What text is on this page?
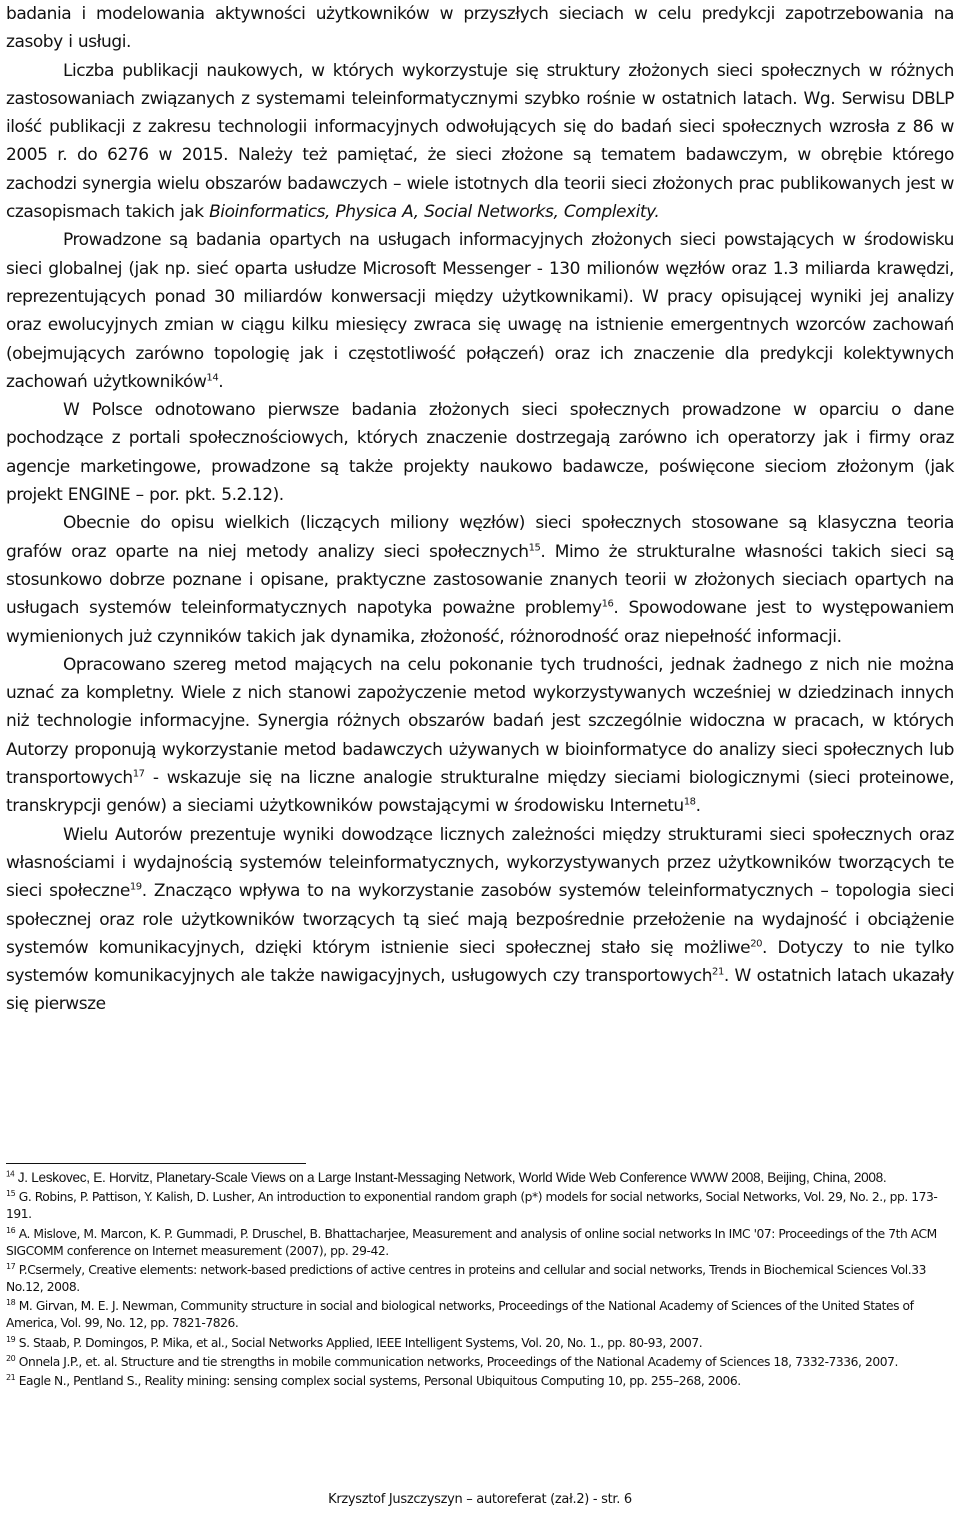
badania i modelowania aktywności użytkowników w przyszłych sieciach w celu predykcji zapotrzebowania na zasoby i usługi.

Liczba publikacji naukowych, w których wykorzystuje się struktury złożonych sieci społecznych w różnych zastosowaniach związanych z systemami teleinformatycznymi szybko rośnie w ostatnich latach. Wg. Serwisu DBLP ilość publikacji z zakresu technologii informacyjnych odwołujących się do badań sieci społecznych wzrosła z 86 w 2005 r. do 6276 w 2015. Należy też pamiętać, że sieci złożone są tematem badawczym, w obrębie którego zachodzi synergia wielu obszarów badawczych – wiele istotnych dla teorii sieci złożonych prac publikowanych jest w czasopismach takich jak Bioinformatics, Physica A, Social Networks, Complexity.

Prowadzone są badania opartych na usługach informacyjnych złożonych sieci powstających w środowisku sieci globalnej (jak np. sieć oparta usłudze Microsoft Messenger - 130 milionów węzłów oraz 1.3 miliarda krawędzi, reprezentujących ponad 30 miliardów konwersacji między użytkownikami). W pracy opisującej wyniki jej analizy oraz ewolucyjnych zmian w ciągu kilku miesięcy zwraca się uwagę na istnienie emergentnych wzorców zachowań (obejmujących zarówno topologię jak i częstotliwość połączeń) oraz ich znaczenie dla predykcji kolektywnych zachowań użytkowników$^{14}$.

W Polsce odnotowano pierwsze badania złożonych sieci społecznych prowadzone w oparciu o dane pochodzące z portali społecznościowych, których znaczenie dostrzegają zarówno ich operatorzy jak i firmy oraz agencje marketingowe, prowadzone są także projekty naukowo badawcze, poświęcone sieciom złożonym (jak projekt ENGINE – por. pkt. 5.2.12).

Obecnie do opisu wielkich (liczących miliony węzłów) sieci społecznych stosowane są klasyczna teoria grafów oraz oparte na niej metody analizy sieci społecznych$^{15}$. Mimo że strukturalne własności takich sieci są stosunkowo dobrze poznane i opisane, praktyczne zastosowanie znanych teorii w złożonych sieciach opartych na usługach systemów teleinformatycznych napotyka poważne problemy$^{16}$. Spowodowane jest to występowaniem wymienionych już czynników takich jak dynamika, złożoność, różnorodność oraz niepełność informacji.

Opracowano szereg metod mających na celu pokonanie tych trudności, jednak żadnego z nich nie można uznać za kompletny. Wiele z nich stanowi zapożyczenie metod wykorzystywanych wcześniej w dziedzinach innych niż technologie informacyjne. Synergia różnych obszarów badań jest szczególnie widoczna w pracach, w których Autorzy proponują wykorzystanie metod badawczych używanych w bioinformatyce do analizy sieci społecznych lub transportowych$^{17}$ - wskazuje się na liczne analogie strukturalne między sieciami biologicznymi (sieci proteinowe, transkrypcji genów) a sieciami użytkowników powstającymi w środowisku Internetu$^{18}$.

Wielu Autorów prezentuje wyniki dowodzące licznych zależności między strukturami sieci społecznych oraz własnościami i wydajnością systemów teleinformatycznych, wykorzystywanych przez użytkowników tworzących te sieci społeczne$^{19}$. Znacząco wpływa to na wykorzystanie zasobów systemów teleinformatycznych – topologia sieci społecznej oraz role użytkowników tworzących tą sieć mają bezpośrednie przełożenie na wydajność i obciążenie systemów komunikacyjnych, dzięki którym istnienie sieci społecznej stało się możliwe$^{20}$. Dotyczy to nie tylko systemów komunikacyjnych ale także nawigacyjnych, usługowych czy transportowych$^{21}$. W ostatnich latach ukazały się pierwsze

$^{14}$ J. Leskovec, E. Horvitz, Planetary-Scale Views on a Large Instant-Messaging Network, World Wide Web Conference WWW 2008, Beijing, China, 2008.

$^{15}$ G. Robins, P. Pattison, Y. Kalish, D. Lusher, An introduction to exponential random graph (p*) models for social networks, Social Networks, Vol. 29, No. 2., pp. 173-191.

$^{16}$ A. Mislove, M. Marcon, K. P. Gummadi, P. Druschel, B. Bhattacharjee, Measurement and analysis of online social networks In IMC '07: Proceedings of the 7th ACM SIGCOMM conference on Internet measurement (2007), pp. 29-42.

$^{17}$ P.Csermely, Creative elements: network-based predictions of active centres in proteins and cellular and social networks, Trends in Biochemical Sciences Vol.33 No.12, 2008.

$^{18}$ M. Girvan, M. E. J. Newman, Community structure in social and biological networks, Proceedings of the National Academy of Sciences of the United States of America, Vol. 99, No. 12, pp. 7821-7826.

$^{19}$ S. Staab, P. Domingos, P. Mika, et al., Social Networks Applied, IEEE Intelligent Systems, Vol. 20, No. 1., pp. 80-93, 2007.

$^{20}$ Onnela J.P., et. al. Structure and tie strengths in mobile communication networks, Proceedings of the National Academy of Sciences 18, 7332-7336, 2007.

$^{21}$ Eagle N., Pentland S., Reality mining: sensing complex social systems, Personal Ubiquitous Computing 10, pp. 255–268, 2006.

Krzysztof Juszczyszyn – autoreferat (zał.2) - str. 6
